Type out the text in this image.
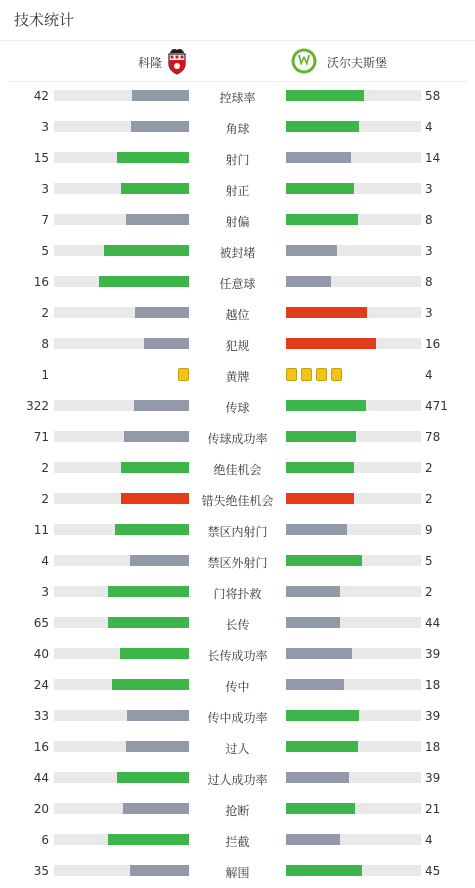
技术统计
科隆	沃尔夫斯堡
42	控球率	58
3	角球	4
15	射门	14
3	射正	3
7	射偏	8
5	被封堵	3
16	任意球	8
2	越位	3
8	犯规	16
1	黄牌	4
322	传球	471
71	传球成功率	78
2	绝佳机会	2
2	错失绝佳机会	2
11	禁区内射门	9
4	禁区外射门	5
3	门将扑救	2
65	长传	44
40	长传成功率	39
24	传中	18
33	传中成功率	39
16	过人	18
44	过人成功率	39
20	抢断	21
6	拦截	4
35	解围	45
